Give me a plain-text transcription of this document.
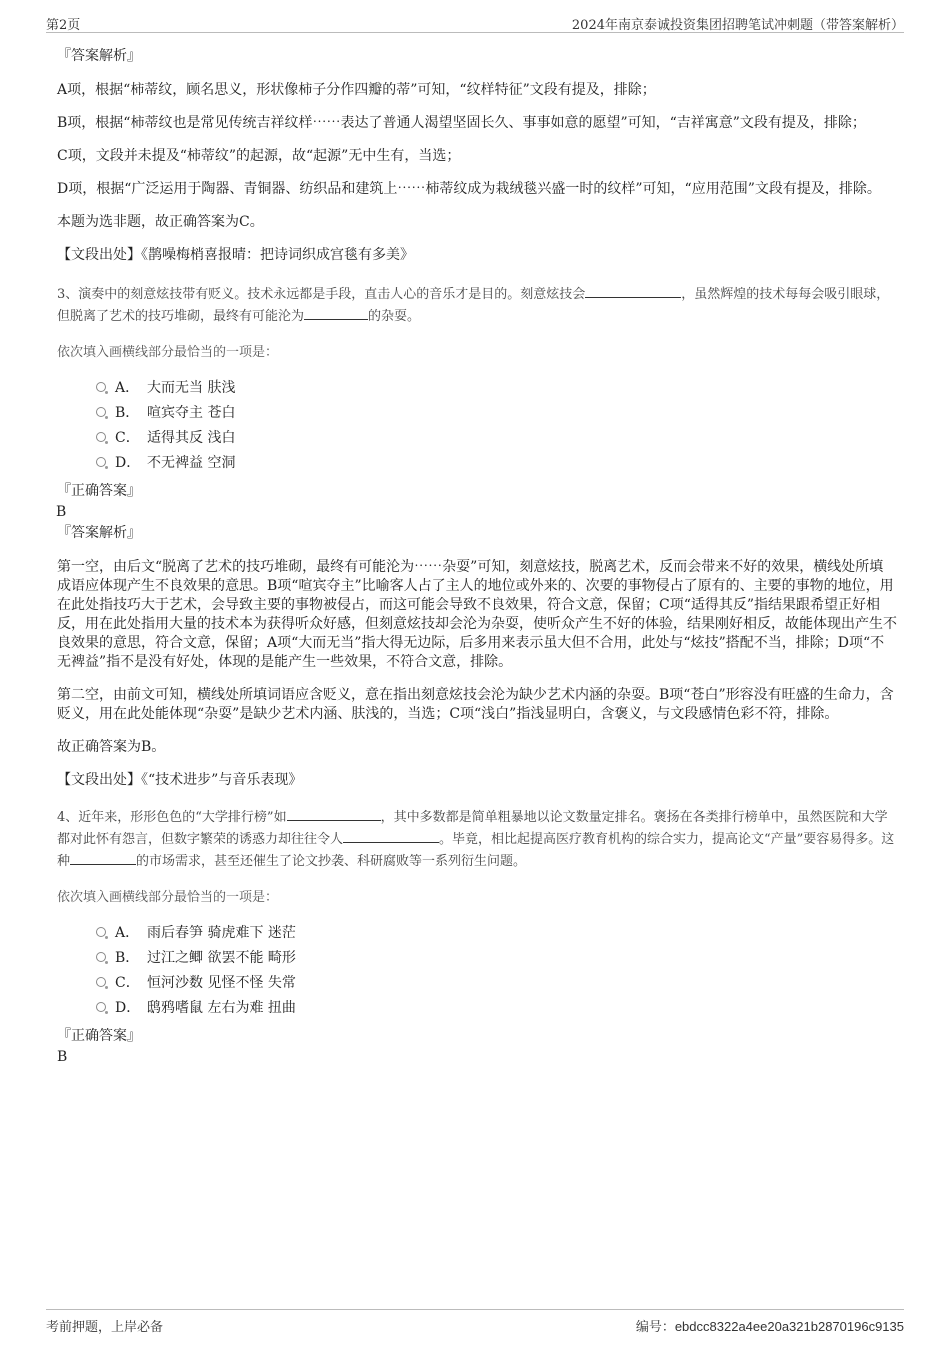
第2页	2024年南京泰诚投资集团招聘笔试冲刺题（带答案解析）
『答案解析』

A项，根据“柿蒂纹，顾名思义，形状像柿子分作四瓣的蒂”可知，“纹样特征”文段有提及，排除；

B项，根据“柿蒂纹也是常见传统吉祥纹样⋯⋯表达了普通人渴望坚固长久、事事如意的愿望”可知，“吉祥寓意”文段有提及，排除；

C项，文段并未提及“柿蒂纹”的起源，故“起源”无中生有，当选；

D项，根据“广泛运用于陶器、青铜器、纺织品和建筑上⋯⋯柿蒂纹成为栽绒毯兴盛一时的纹样”可知，“应用范围”文段有提及，排除。

本题为选非题，故正确答案为C。

【文段出处】《鹊噪梅梢喜报晴：把诗词织成宫毯有多美》

3、演奏中的刻意炫技带有贬义。技术永远都是手段，直击人心的音乐才是目的。刻意炫技会	，虽然辉煌的技术每每会吸引眼球，但脱离了艺术的技巧堆砌，最终有可能沦为	的杂耍。

依次填入画横线部分最恰当的一项是：

A． 大而无当 肤浅
B． 喧宾夺主 苍白
C． 适得其反 浅白
D． 不无裨益 空洞
『正确答案』
B
『答案解析』

第一空，由后文“脱离了艺术的技巧堆砌，最终有可能沦为⋯⋯杂耍”可知，刻意炫技，脱离艺术，反而会带来不好的效果，横线处所填成语应体现产生不良效果的意思。B项“喧宾夺主”比喻客人占了主人的地位或外来的、次要的事物侵占了原有的、主要的事物的地位，用在此处指技巧大于艺术，会导致主要的事物被侵占，而这可能会导致不良效果，符合文意，保留；C项“适得其反”指结果跟希望正好相反，用在此处指用大量的技术本为获得听众好感，但刻意炫技却会沦为杂耍，使听众产生不好的体验，结果刚好相反，故能体现出产生不良效果的意思，符合文意，保留；A项“大而无当”指大得无边际，后多用来表示虽大但不合用，此处与“炫技”搭配不当，排除；D项“不无裨益”指不是没有好处，体现的是能产生一些效果，不符合文意，排除。

第二空，由前文可知，横线处所填词语应含贬义，意在指出刻意炫技会沦为缺少艺术内涵的杂耍。B项“苍白”形容没有旺盛的生命力，含贬义，用在此处能体现“杂耍”是缺少艺术内涵、肤浅的，当选；C项“浅白”指浅显明白，含褒义，与文段感情色彩不符，排除。

故正确答案为B。

【文段出处】《“技术进步”与音乐表现》

4、近年来，形形色色的“大学排行榜”如	，其中多数都是简单粗暴地以论文数量定排名。褒扬在各类排行榜单中，虽然医院和大学都对此怀有怨言，但数字繁荣的诱惑力却往往令人	。毕竟，相比起提高医疗教育机构的综合实力，提高论文“产量”要容易得多。这种	的市场需求，甚至还催生了论文抄袭、科研腐败等一系列衍生问题。

依次填入画横线部分最恰当的一项是：

A． 雨后春笋 骑虎难下 迷茫
B． 过江之鲫 欲罢不能 畸形
C． 恒河沙数 见怪不怪 失常
D． 鸱鸦嗜鼠 左右为难 扭曲
『正确答案』
B
考前押题，上岸必备	编号：ebdcc8322a4ee20a321b2870196c9135
